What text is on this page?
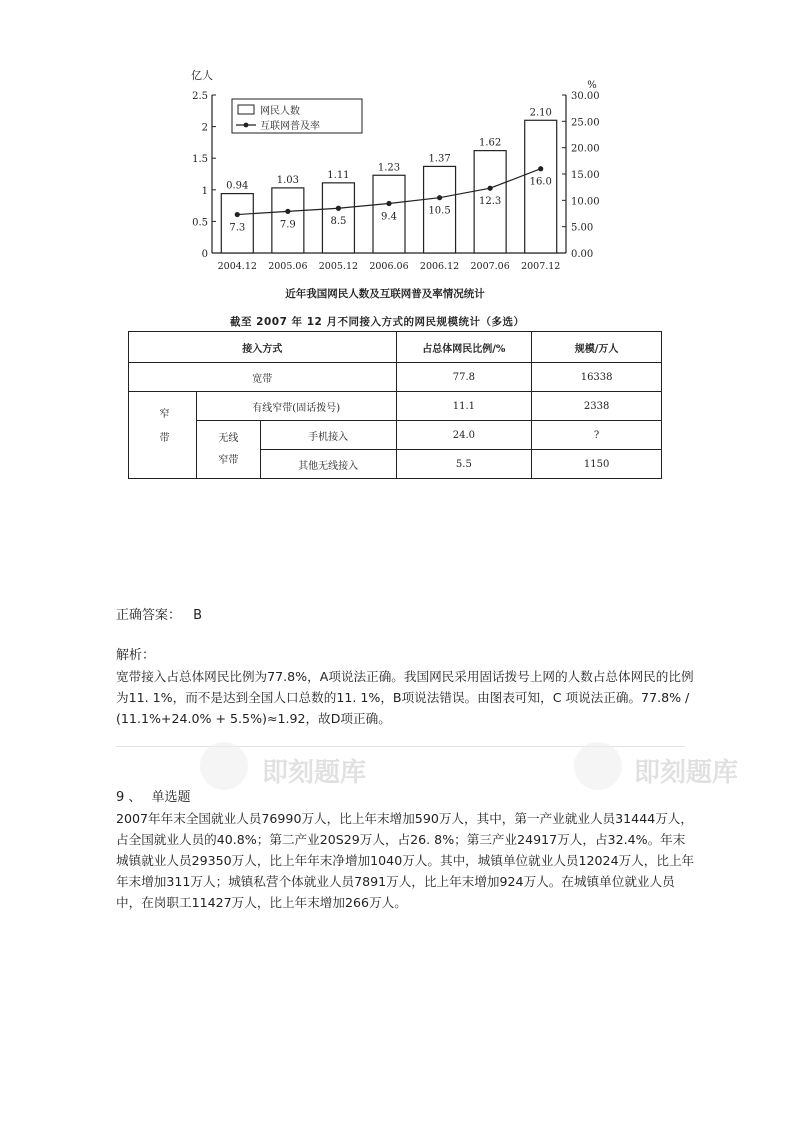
0
0.5
1
1.5
2
2.5
0.00
5.00
10.00
15.00
20.00
25.00
30.00
亿人
%
2004.12 2005.06 2005.12 2006.06 2006.12 2007.06 2007.12
0.94
1.03	1.11
1.23
1.37
1.62
2.10
7.3	7.9	8.5	9.4
10.5
12.3
16.0
网民人数
互联网普及率
近年我国网民人数及互联网普及率情况统计
截至 2007 年 12 月不同接入方式的网民规模统计（多选）
接入方式			占总体网民比例/%	规模/万人
宽带			77.8	16338
窄带	有线窄带(固话拨号)		11.1	2338
	无线窄带	手机接入	24.0	?
		其他无线接入	5.5	1150
正确答案： B
解析：
宽带接入占总体网民比例为77.8%，A项说法正确。我国网民采用固话拨号上网的人数占总体网民的比例为11. 1%，而不是达到全国人口总数的11. 1%，B项说法错误。由图表可知，C 项说法正确。77.8% / (11.1%+24.0% + 5.5%)≈1.92，故D项正确。
即刻题库	即刻题库
9 、 单选题
2007年年末全国就业人员76990万人，比上年末增加590万人，其中，第一产业就业人员31444万人，占全国就业人员的40.8%；第二产业20S29万人，占26. 8%；第三产业24917万人，占32.4%。年末城镇就业人员29350万人，比上年年末净增加1040万人。其中，城镇单位就业人员12024万人，比上年年末增加311万人；城镇私营个体就业人员7891万人，比上年末增加924万人。在城镇单位就业人员中，在岗职工11427万人，比上年末增加266万人。
